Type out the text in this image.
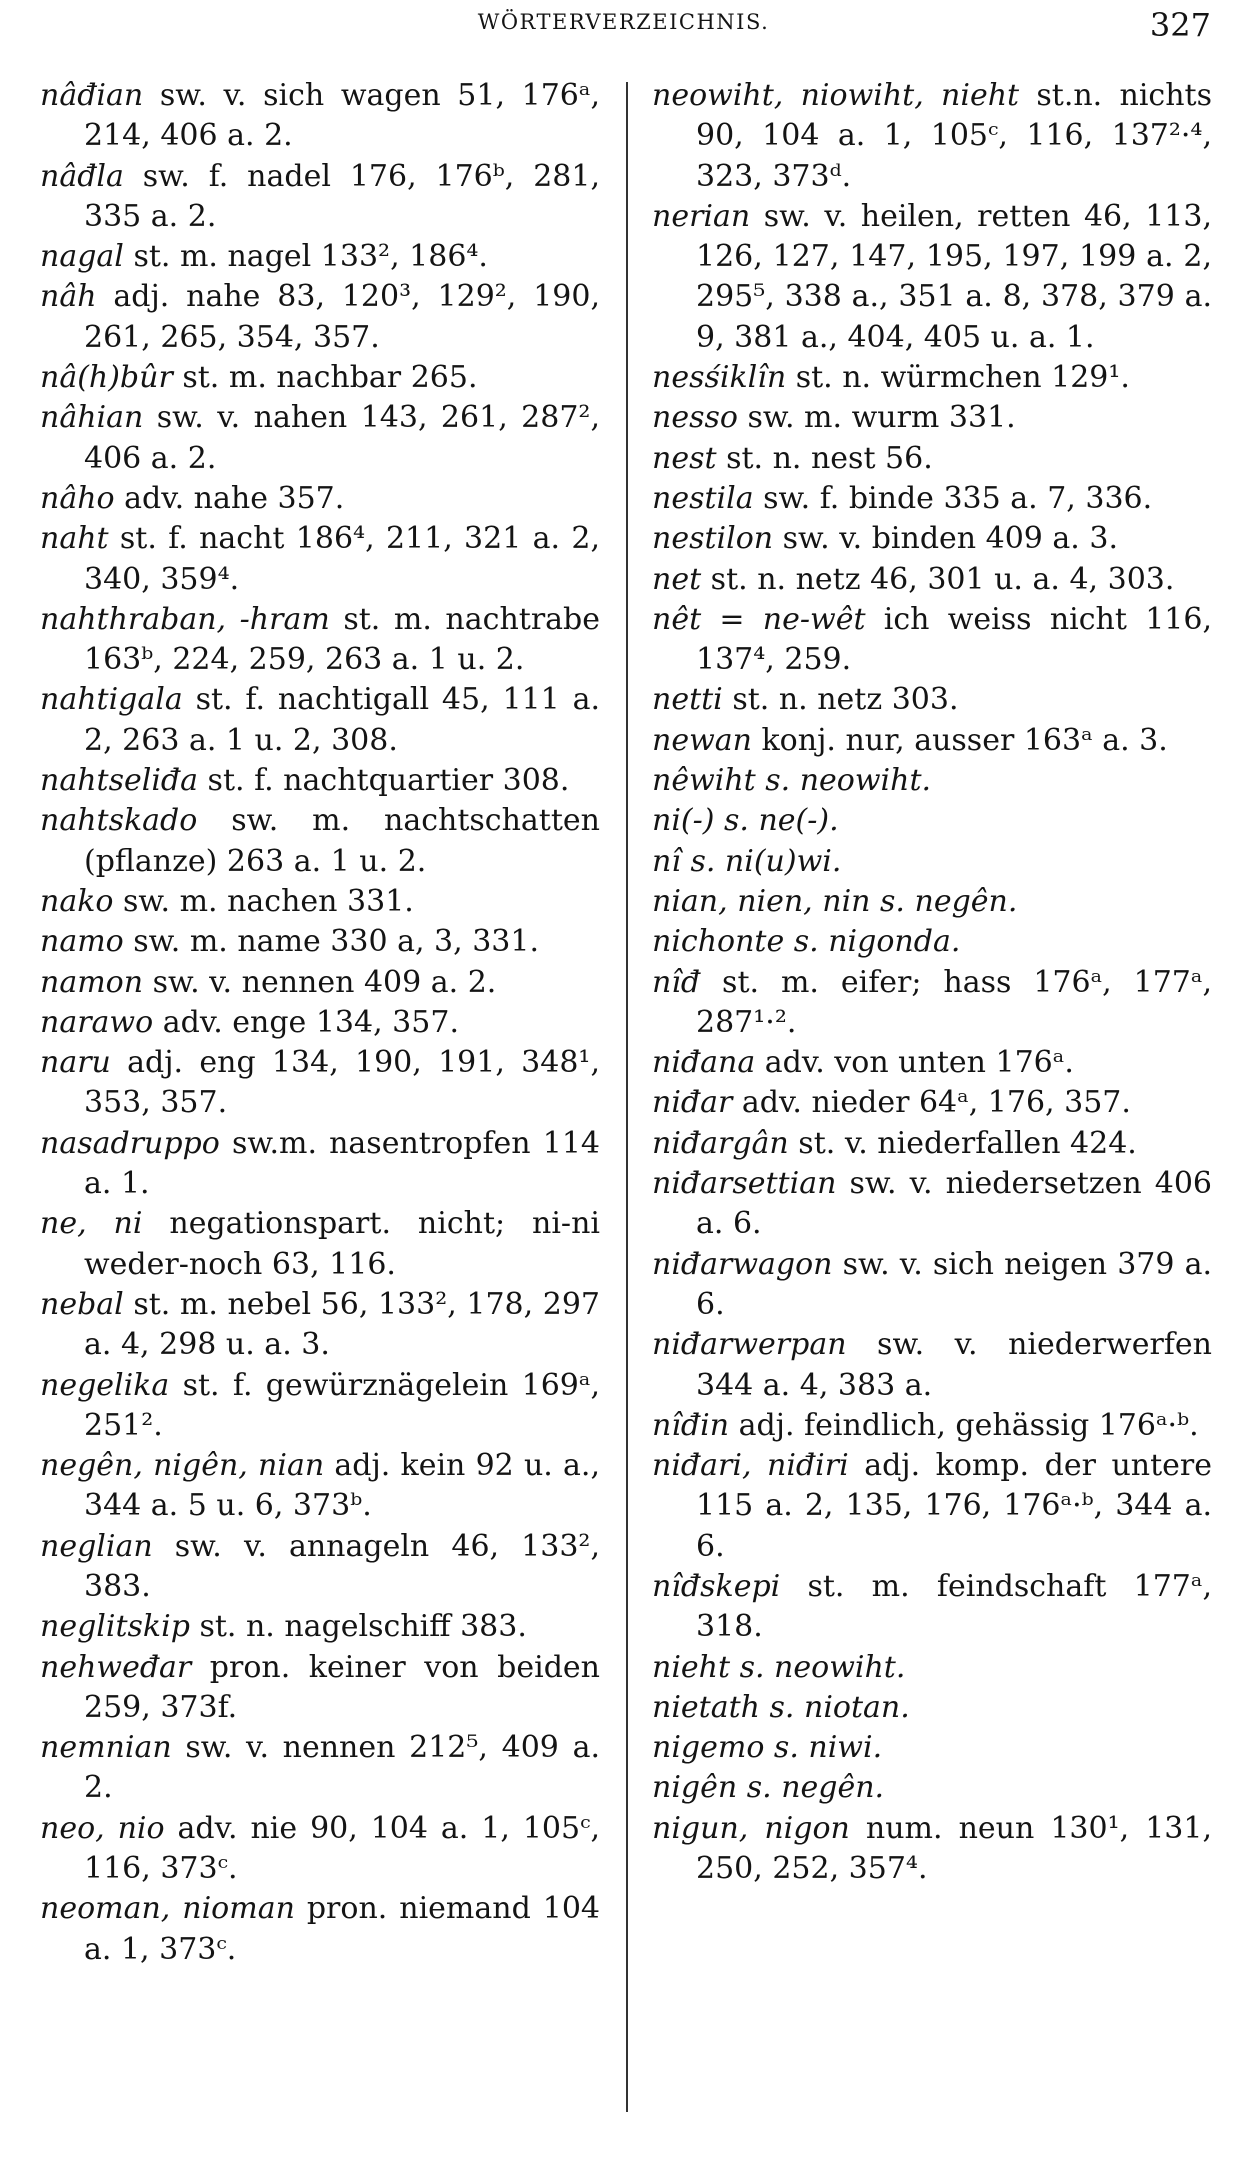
WÖRTERVERZEICHNIS.	327

nâđian sw. v. sich wagen 51, 176ᵃ, 214, 406 a. 2.

nâđla sw. f. nadel 176, 176ᵇ, 281, 335 a. 2.

nagal st. m. nagel 133², 186⁴.

nâh adj. nahe 83, 120³, 129², 190, 261, 265, 354, 357.

nâ(h)bûr st. m. nachbar 265.

nâhian sw. v. nahen 143, 261, 287², 406 a. 2.

nâho adv. nahe 357.

naht st. f. nacht 186⁴, 211, 321 a. 2, 340, 359⁴.

nahthraban, -hram st. m. nachtrabe 163ᵇ, 224, 259, 263 a. 1 u. 2.

nahtigala st. f. nachtigall 45, 111 a. 2, 263 a. 1 u. 2, 308.

nahtseliđa st. f. nachtquartier 308.

nahtskado sw. m. nachtschatten (pflanze) 263 a. 1 u. 2.

nako sw. m. nachen 331.

namo sw. m. name 330 a, 3, 331.

namon sw. v. nennen 409 a. 2.

narawo adv. enge 134, 357.

naru adj. eng 134, 190, 191, 348¹, 353, 357.

nasadruppo sw.m. nasentropfen 114 a. 1.

ne, ni negationspart. nicht; ni-ni weder-noch 63, 116.

nebal st. m. nebel 56, 133², 178, 297 a. 4, 298 u. a. 3.

negelika st. f. gewürznägelein 169ᵃ, 251².

negên, nigên, nian adj. kein 92 u. a., 344 a. 5 u. 6, 373ᵇ.

neglian sw. v. annageln 46, 133², 383.

neglitskip st. n. nagelschiff 383.

nehweđar pron. keiner von beiden 259, 373f.

nemnian sw. v. nennen 212⁵, 409 a. 2.

neo, nio adv. nie 90, 104 a. 1, 105ᶜ, 116, 373ᶜ.

neoman, nioman pron. niemand 104 a. 1, 373ᶜ.

neowiht, niowiht, nieht st.n. nichts 90, 104 a. 1, 105ᶜ, 116, 137²·⁴, 323, 373ᵈ.

nerian sw. v. heilen, retten 46, 113, 126, 127, 147, 195, 197, 199 a. 2, 295⁵, 338 a., 351 a. 8, 378, 379 a. 9, 381 a., 404, 405 u. a. 1.

nesśiklîn st. n. würmchen 129¹.

nesso sw. m. wurm 331.

nest st. n. nest 56.

nestila sw. f. binde 335 a. 7, 336.

nestilon sw. v. binden 409 a. 3.

net st. n. netz 46, 301 u. a. 4, 303.

nêt = ne-wêt ich weiss nicht 116, 137⁴, 259.

netti st. n. netz 303.

newan konj. nur, ausser 163ᵃ a. 3.

nêwiht s. neowiht.

ni(-) s. ne(-).

nî s. ni(u)wi.

nian, nien, nin s. negên.

nichonte s. nigonda.

nîđ st. m. eifer; hass 176ᵃ, 177ᵃ, 287¹·².

niđana adv. von unten 176ᵃ.

niđar adv. nieder 64ᵃ, 176, 357.

niđargân st. v. niederfallen 424.

niđarsettian sw. v. niedersetzen 406 a. 6.

niđarwagon sw. v. sich neigen 379 a. 6.

niđarwerpan sw. v. niederwerfen 344 a. 4, 383 a.

nîđin adj. feindlich, gehässig 176ᵃ·ᵇ.

niđari, niđiri adj. komp. der untere 115 a. 2, 135, 176, 176ᵃ·ᵇ, 344 a. 6.

nîđskepi st. m. feindschaft 177ᵃ, 318.

nieht s. neowiht.

nietath s. niotan.

nigemo s. niwi.

nigên s. negên.

nigun, nigon num. neun 130¹, 131, 250, 252, 357⁴.
